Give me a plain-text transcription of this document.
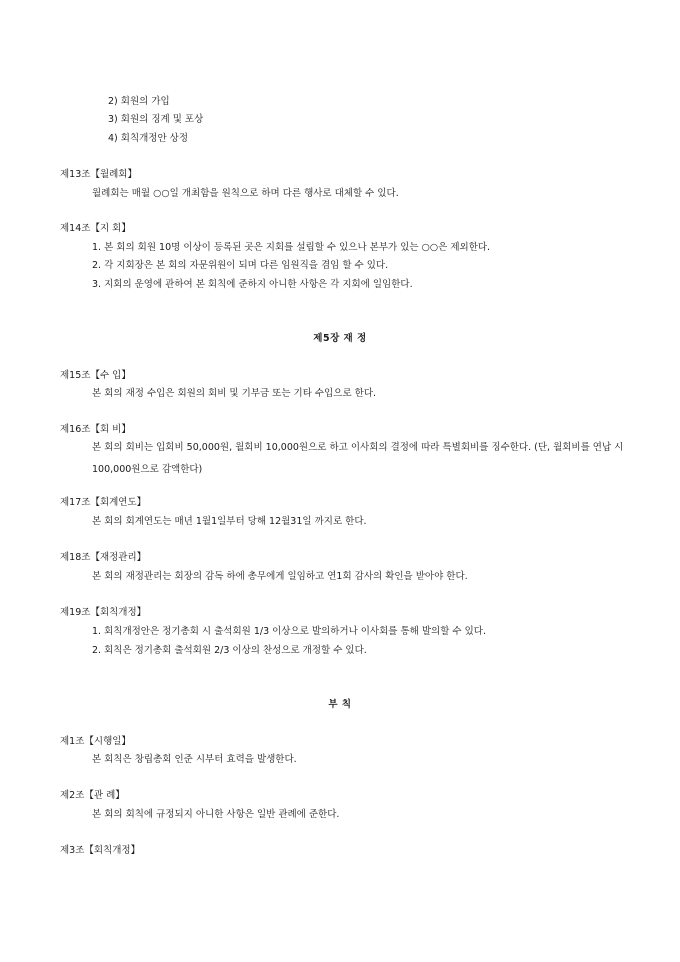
2) 회원의 가입
3) 회원의 징계 및 포상
4) 회칙개정안 상정
제13조【월례회】
월례회는 매월 ○○일 개최함을 원칙으로 하며 다른 행사로 대체할 수 있다.
제14조【지 회】
1. 본 회의 회원 10명 이상이 등록된 곳은 지회를 설립할 수 있으나 본부가 있는 ○○은 제외한다.
2. 각 지회장은 본 회의 자문위원이 되며 다른 임원직을 겸임 할 수 있다.
3. 지회의 운영에 관하여 본 회칙에 준하지 아니한 사항은 각 지회에 일임한다.
제5장 재 정
제15조【수 입】
본 회의 재정 수입은 회원의 회비 및 기부금 또는 기타 수입으로 한다.
제16조【회 비】
본 회의 회비는 입회비 50,000원, 월회비 10,000원으로 하고 이사회의 결정에 따라 특별회비를 징수한다. (단, 월회비를 연납 시 100,000원으로 감액한다)
제17조【회계연도】
본 회의 회계연도는 매년 1월1일부터 당해 12월31일 까지로 한다.
제18조【재정관리】
본 회의 재정관리는 회장의 감독 하에 총무에게 일임하고 연1회 감사의 확인을 받아야 한다.
제19조【회칙개정】
1. 회칙개정안은 정기총회 시 출석회원 1/3 이상으로 발의하거나 이사회를 통해 발의할 수 있다.
2. 회칙은 정기총회 출석회원 2/3 이상의 찬성으로 개정할 수 있다.
부 칙
제1조【시행일】
본 회칙은 창립총회 인준 시부터 효력을 발생한다.
제2조【관 례】
본 회의 회칙에 규정되지 아니한 사항은 일반 관례에 준한다.
제3조【회칙개정】
